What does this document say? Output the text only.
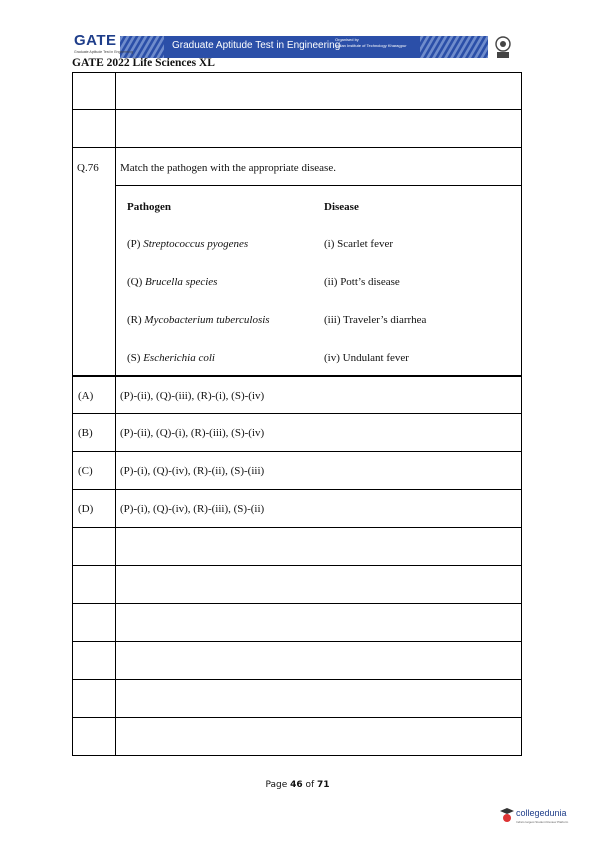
GATE
Graduate Aptitude Test in Engineering
Graduate Aptitude Test in Engineering
Organised by
Indian Institute of Technology Kharagpur
GATE 2022 Life Sciences XL
Q.76 Match the pathogen with the appropriate disease.
Pathogen	Disease
(P) Streptococcus pyogenes	(i) Scarlet fever
(Q) Brucella species	(ii) Pott’s disease
(R) Mycobacterium tuberculosis	(iii) Traveler’s diarrhea
(S) Escherichia coli	(iv) Undulant fever
(A) (P)-(ii), (Q)-(iii), (R)-(i), (S)-(iv)
(B) (P)-(ii), (Q)-(i), (R)-(iii), (S)-(iv)
(C) (P)-(i), (Q)-(iv), (R)-(ii), (S)-(iii)
(D) (P)-(i), (Q)-(iv), (R)-(iii), (S)-(ii)
Page 46 of 71
collegedunia
India's largest Student Review Platform
